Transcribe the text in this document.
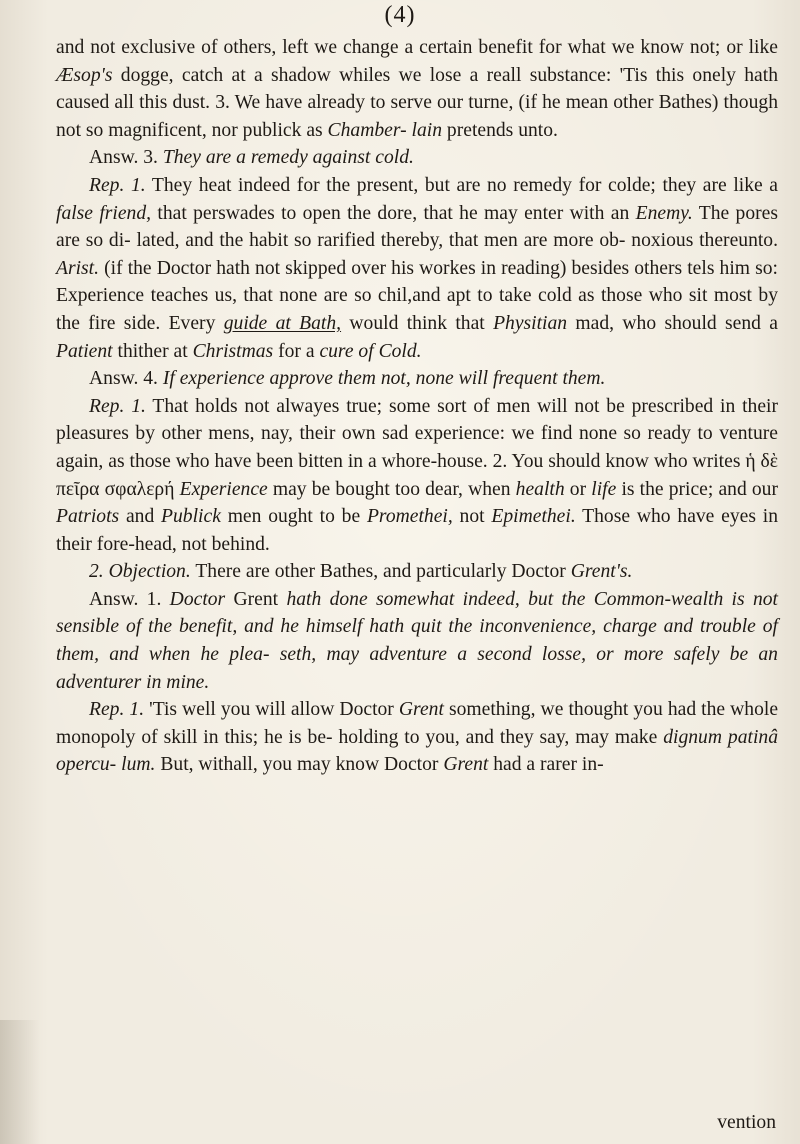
(4)

and not exclusive of others, left we change a certain benefit for what we know not; or like Æsop's dogge, catch at a shadow whiles we lose a reall substance: 'Tis this onely hath caused all this dust. 3. We have already to serve our turne, (if he mean other Bathes) though not so magnificent, nor publick as Chamber- lain pretends unto.

Answ. 3. They are a remedy against cold.

Rep. 1. They heat indeed for the present, but are no remedy for colde; they are like a false friend, that perswades to open the dore, that he may enter with an Enemy. The pores are so di- lated, and the habit so rarified thereby, that men are more ob- noxious thereunto. Arist. (if the Doctor hath not skipped over his workes in reading) besides others tels him so: Experience teaches us, that none are so chil,and apt to take cold as those who sit most by the fire side. Every guide at Bath, would think that Physitian mad, who should send a Patient thither at Christmas for a cure of Cold.

Answ. 4. If experience approve them not, none will frequent them.

Rep. 1. That holds not alwayes true; some sort of men will not be prescribed in their pleasures by other mens, nay, their own sad experience: we find none so ready to venture again, as those who have been bitten in a whore-house. 2. You should know who writes ἡ δὲ πεῖρα σφαλερή Experience may be bought too dear, when health or life is the price; and our Patriots and Publick men ought to be Promethei, not Epimethei. Those who have eyes in their fore-head, not behind.

2. Objection. There are other Bathes, and particularly Doctor Grent's.

Answ. 1. Doctor Grent hath done somewhat indeed, but the Common-wealth is not sensible of the benefit, and he himself hath quit the inconvenience, charge and trouble of them, and when he plea- seth, may adventure a second losse, or more safely be an adventurer in mine.

Rep. 1. 'Tis well you will allow Doctor Grent something, we thought you had the whole monopoly of skill in this; he is be- holding to you, and they say, may make dignum patinâ opercu- lum. But, withall, you may know Doctor Grent had a rarer in-

vention
